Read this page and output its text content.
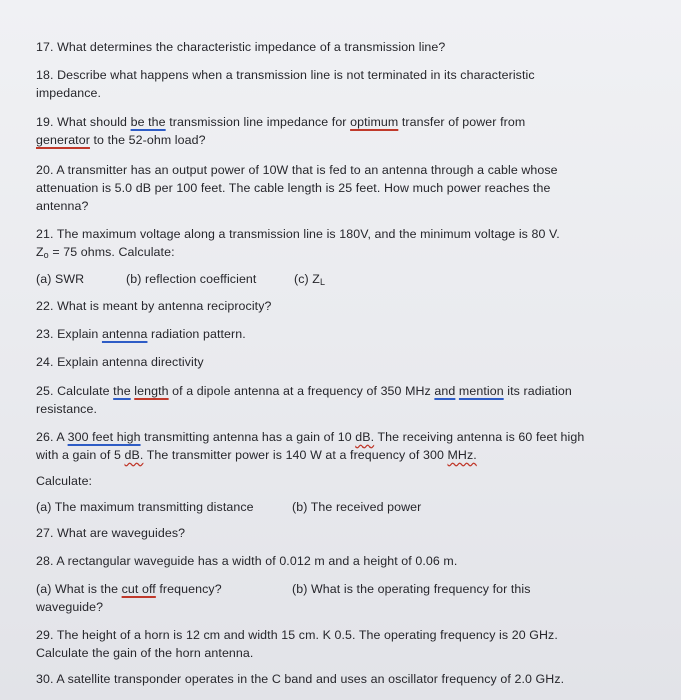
17. What determines the characteristic impedance of a transmission line?
18. Describe what happens when a transmission line is not terminated in its characteristic impedance.
19. What should be the transmission line impedance for optimum transfer of power from generator to the 52-ohm load?
20. A transmitter has an output power of 10W that is fed to an antenna through a cable whose attenuation is 5.0 dB per 100 feet. The cable length is 25 feet. How much power reaches the antenna?
21. The maximum voltage along a transmission line is 180V, and the minimum voltage is 80 V.
$Z_o = 75$ ohms. Calculate:
(a) SWR	(b) reflection coefficient	(c) $Z_L$
22. What is meant by antenna reciprocity?
23. Explain antenna radiation pattern.
24. Explain antenna directivity
25. Calculate the length of a dipole antenna at a frequency of 350 MHz and mention its radiation resistance.
26. A 300 feet high transmitting antenna has a gain of 10 dB. The receiving antenna is 60 feet high with a gain of 5 dB. The transmitter power is 140 W at a frequency of 300 MHz.
Calculate:
(a) The maximum transmitting distance	(b) The received power
27. What are waveguides?
28. A rectangular waveguide has a width of 0.012 m and a height of 0.06 m.
(a) What is the cut off frequency?	(b) What is the operating frequency for this
waveguide?
29. The height of a horn is 12 cm and width 15 cm. K 0.5. The operating frequency is 20 GHz. Calculate the gain of the horn antenna.
30. A satellite transponder operates in the C band and uses an oscillator frequency of 2.0 GHz.
